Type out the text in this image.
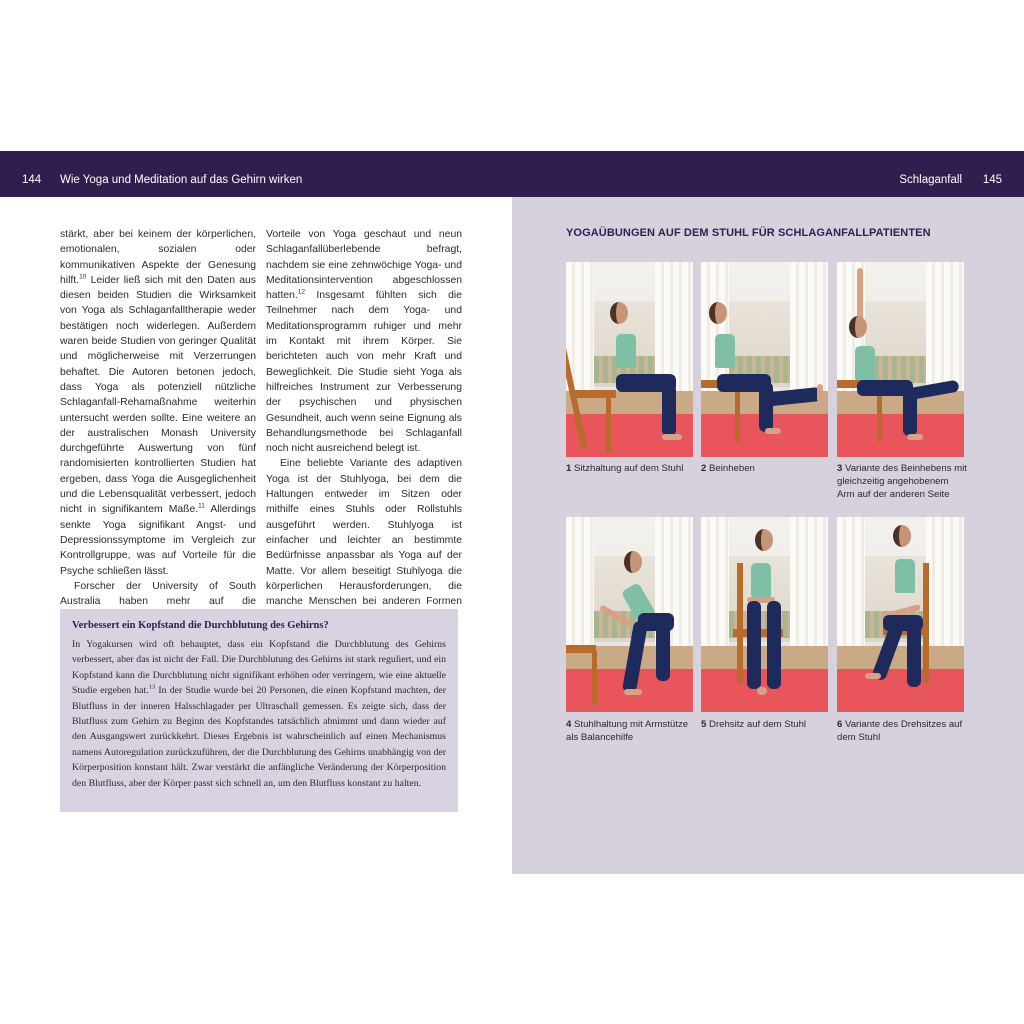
144 Wie Yoga und Meditation auf das Gehirn wirken	Schlaganfall 145

stärkt, aber bei keinem der körperlichen, emotionalen, sozialen oder kommunikativen Aspekte der Genesung hilft.$^{10}$ Leider ließ sich mit den Daten aus diesen beiden Studien die Wirksamkeit von Yoga als Schlaganfalltherapie weder bestätigen noch widerlegen. Außerdem waren beide Studien von geringer Qualität und möglicherweise mit Verzerrungen behaftet. Die Autoren betonen jedoch, dass Yoga als potenziell nützliche Schlaganfall-Rehamaßnahme weiterhin untersucht werden sollte. Eine weitere an der australischen Monash University durchgeführte Auswertung von fünf randomisierten kontrollierten Studien hat ergeben, dass Yoga die Ausgeglichenheit und die Lebensqualität verbessert, jedoch nicht in signifikantem Maße.$^{11}$ Allerdings senkte Yoga signifikant Angst- und Depressionssymptome im Vergleich zur Kontrollgruppe, was auf Vorteile für die Psyche schließen lässt.

Forscher der University of South Australia haben mehr auf die

Vorteile von Yoga geschaut und neun Schlaganfallüberlebende befragt, nachdem sie eine zehnwöchige Yoga- und Meditationsintervention abgeschlossen hatten.$^{12}$ Insgesamt fühlten sich die Teilnehmer nach dem Yoga- und Meditationsprogramm ruhiger und mehr im Kontakt mit ihrem Körper. Sie berichteten auch von mehr Kraft und Beweglichkeit. Die Studie sieht Yoga als hilfreiches Instrument zur Verbesserung der psychischen und physischen Gesundheit, auch wenn seine Eignung als Behandlungsmethode bei Schlaganfall noch nicht ausreichend belegt ist.

Eine beliebte Variante des adaptiven Yoga ist der Stuhlyoga, bei dem die Haltungen entweder im Sitzen oder mithilfe eines Stuhls oder Rollstuhls ausgeführt werden. Stuhlyoga ist einfacher und leichter an bestimmte Bedürfnisse anpassbar als Yoga auf der Matte. Vor allem beseitigt Stuhlyoga die körperlichen Herausforderungen, die manche Menschen bei anderen Formen

Verbessert ein Kopfstand die Durchblutung des Gehirns?
In Yogakursen wird oft behauptet, dass ein Kopfstand die Durchblutung des Gehirns verbessert, aber das ist nicht der Fall. Die Durchblutung des Gehirns ist stark reguliert, und ein Kopfstand kann die Durchblutung nicht signifikant erhöhen oder verringern, wie eine aktuelle Studie ergeben hat.$^{13}$ In der Studie wurde bei 20 Personen, die einen Kopfstand machten, der Blutfluss in der inneren Halsschlagader per Ultraschall gemessen. Es zeigte sich, dass der Blutfluss zum Gehirn zu Beginn des Kopfstandes tatsächlich abnimmt und dann wieder auf den Ausgangswert zurückkehrt. Dieses Ergebnis ist wahrscheinlich auf einen Mechanismus namens Autoregulation zurückzuführen, der die Durchblutung des Gehirns unabhängig von der Körperposition konstant hält. Zwar verstärkt die anfängliche Veränderung der Körperposition den Blutfluss, aber der Körper passt sich schnell an, um den Blutfluss konstant zu halten.
YOGAÜBUNGEN AUF DEM STUHL FÜR SCHLAGANFALLPATIENTEN
1 Sitzhaltung auf dem Stuhl	2 Beinheben	3 Variante des Beinhebens mit gleichzeitig angehobenem Arm auf der anderen Seite
4 Stuhlhaltung mit Armstütze als Balancehilfe
5 Drehsitz auf dem Stuhl	6 Variante des Drehsitzes auf dem Stuhl
